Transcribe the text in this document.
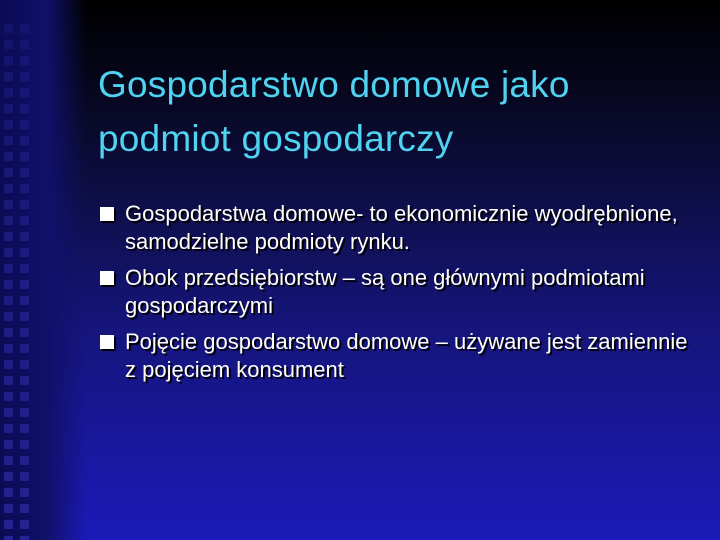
Gospodarstwo domowe jako podmiot gospodarczy
Gospodarstwa domowe- to ekonomicznie wyodrębnione, samodzielne podmioty rynku.
Obok przedsiębiorstw – są one głównymi podmiotami gospodarczymi
Pojęcie gospodarstwo domowe – używane jest zamiennie z pojęciem konsument
